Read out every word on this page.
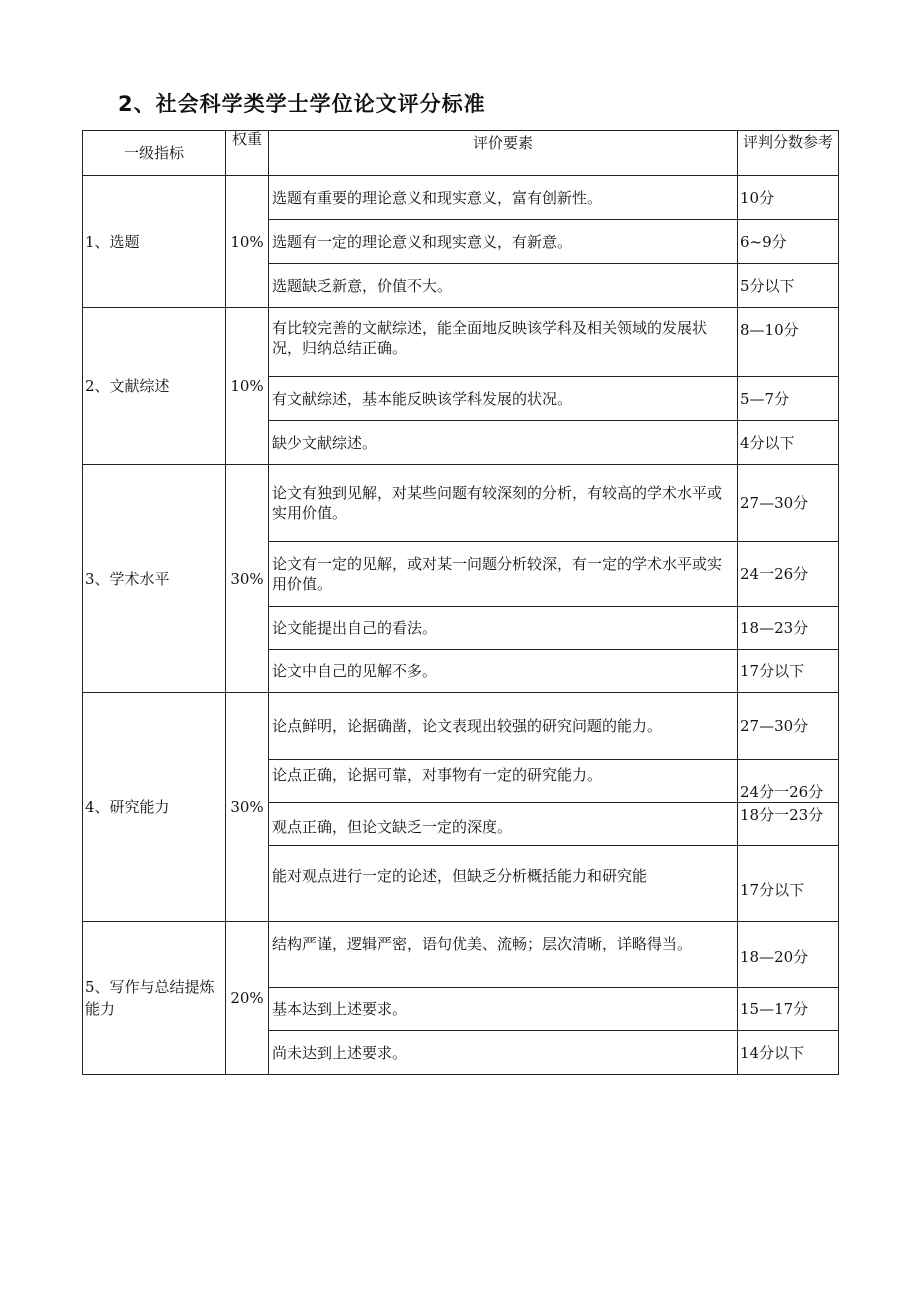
2、社会科学类学士学位论文评分标准
一级指标	权重	评价要素	评判分数参考
1、选题	10%	选题有重要的理论意义和现实意义，富有创新性。	10分
		选题有一定的理论意义和现实意义，有新意。	6~9分
		选题缺乏新意，价值不大。	5分以下
2、文献综述	10%	有比较完善的文献综述，能全面地反映该学科及相关领域的发展状况，归纳总结正确。	8—10分
		有文献综述，基本能反映该学科发展的状况。	5—7分
		缺少文献综述。	4分以下
3、学术水平	30%	论文有独到见解，对某些问题有较深刻的分析，有较高的学术水平或实用价值。	27—30分
		论文有一定的见解，或对某一问题分析较深，有一定的学术水平或实用价值。	24一26分
		论文能提出自己的看法。	18—23分
		论文中自己的见解不多。	17分以下
4、研究能力	30%	论点鲜明，论据确凿，论文表现出较强的研究问题的能力。	27—30分
		论点正确，论据可靠，对事物有一定的研究能力。	24分一26分
		观点正确，但论文缺乏一定的深度。	18分一23分
		能对观点进行一定的论述，但缺乏分析概括能力和研究能	17分以下
5、写作与总结提炼能力	20%	结构严谨，逻辑严密，语句优美、流畅；层次清晰，详略得当。	18—20分
		基本达到上述要求。	15—17分
		尚未达到上述要求。	14分以下
